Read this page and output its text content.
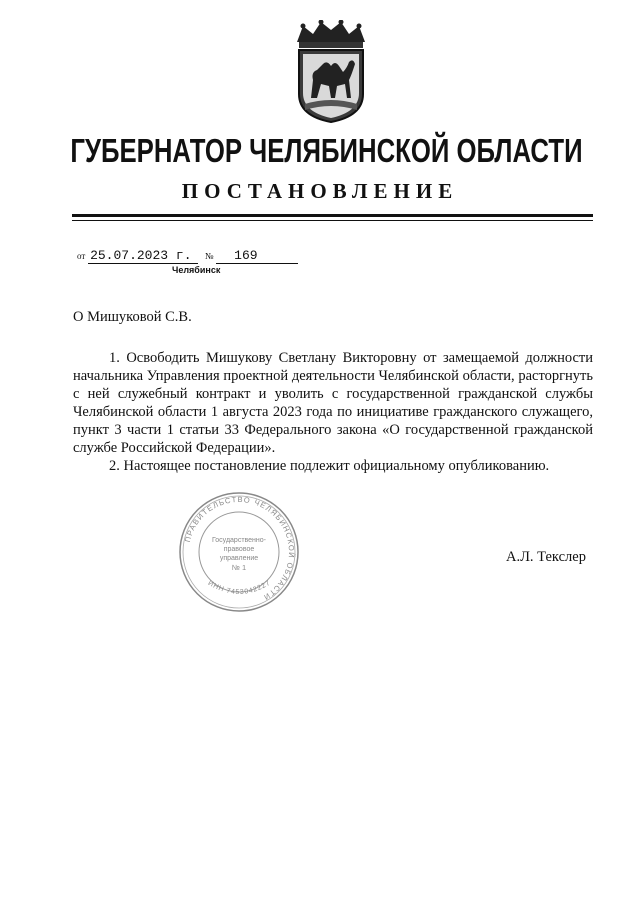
ГУБЕРНАТОР ЧЕЛЯБИНСКОЙ ОБЛАСТИ
ПОСТАНОВЛЕНИЕ
от 25.07.2023 г. № 169
Челябинск
О Мишуковой С.В.

1. Освободить Мишукову Светлану Викторовну от замещаемой должности начальника Управления проектной деятельности Челябинской области, расторгнуть с ней служебный контракт и уволить с государственной гражданской службы Челябинской области 1 августа 2023 года по инициативе гражданского служащего, пункт 3 части 1 статьи 33 Федерального закона «О государственной гражданской службе Российской Федерации».

2. Настоящее постановление подлежит официальному опубликованию.

ПРАВИТЕЛЬСТВО ЧЕЛЯБИНСКОЙ ОБЛАСТИ
ИНН 7453042227
Государственно-
правовое
управление
№ 1
А.Л. Текслер
